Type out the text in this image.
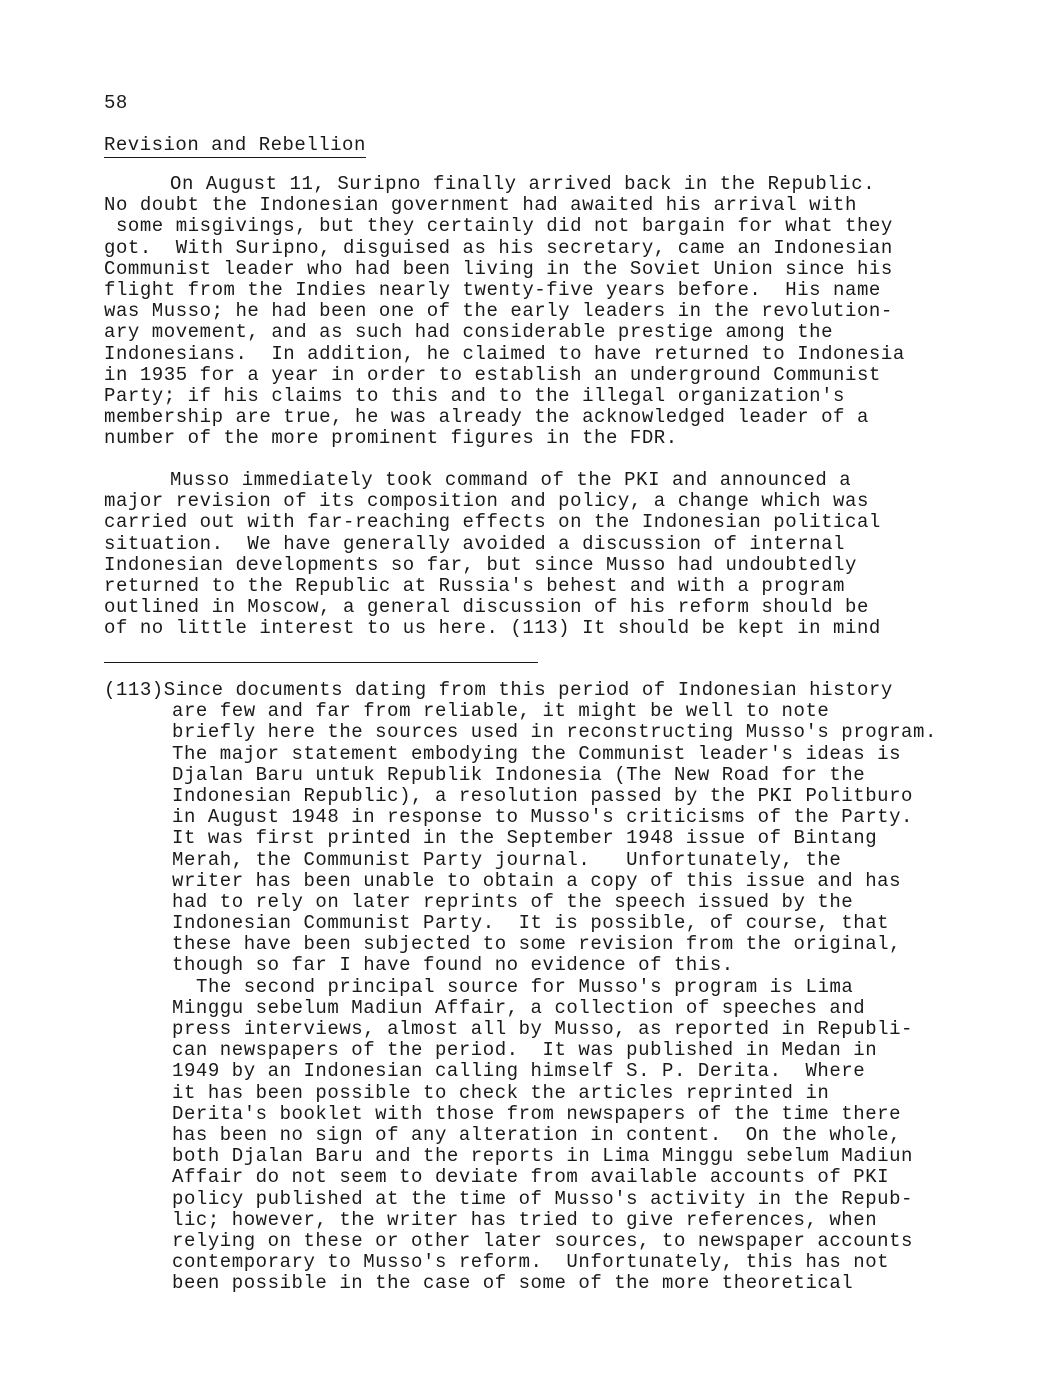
58
Revision and Rebellion
On August 11, Suripno finally arrived back in the Republic.
No doubt the Indonesian government had awaited his arrival with
some misgivings, but they certainly did not bargain for what they
got.  With Suripno, disguised as his secretary, came an Indonesian
Communist leader who had been living in the Soviet Union since his
flight from the Indies nearly twenty-five years before.  His name
was Musso; he had been one of the early leaders in the revolution-
ary movement, and as such had considerable prestige among the
Indonesians.  In addition, he claimed to have returned to Indonesia
in 1935 for a year in order to establish an underground Communist
Party; if his claims to this and to the illegal organization's
membership are true, he was already the acknowledged leader of a
number of the more prominent figures in the FDR.
Musso immediately took command of the PKI and announced a
major revision of its composition and policy, a change which was
carried out with far-reaching effects on the Indonesian political
situation.  We have generally avoided a discussion of internal
Indonesian developments so far, but since Musso had undoubtedly
returned to the Republic at Russia's behest and with a program
outlined in Moscow, a general discussion of his reform should be
of no little interest to us here. (113) It should be kept in mind
(113)Since documents dating from this period of Indonesian history
are few and far from reliable, it might be well to note
briefly here the sources used in reconstructing Musso's program.
The major statement embodying the Communist leader's ideas is
Djalan Baru untuk Republik Indonesia (The New Road for the
Indonesian Republic), a resolution passed by the PKI Politburo
in August 1948 in response to Musso's criticisms of the Party.
It was first printed in the September 1948 issue of Bintang
Merah, the Communist Party journal.   Unfortunately, the
writer has been unable to obtain a copy of this issue and has
had to rely on later reprints of the speech issued by the
Indonesian Communist Party.  It is possible, of course, that
these have been subjected to some revision from the original,
though so far I have found no evidence of this.
The second principal source for Musso's program is Lima
Minggu sebelum Madiun Affair, a collection of speeches and
press interviews, almost all by Musso, as reported in Republi-
can newspapers of the period.  It was published in Medan in
1949 by an Indonesian calling himself S. P. Derita.  Where
it has been possible to check the articles reprinted in
Derita's booklet with those from newspapers of the time there
has been no sign of any alteration in content.  On the whole,
both Djalan Baru and the reports in Lima Minggu sebelum Madiun
Affair do not seem to deviate from available accounts of PKI
policy published at the time of Musso's activity in the Repub-
lic; however, the writer has tried to give references, when
relying on these or other later sources, to newspaper accounts
contemporary to Musso's reform.  Unfortunately, this has not
been possible in the case of some of the more theoretical
